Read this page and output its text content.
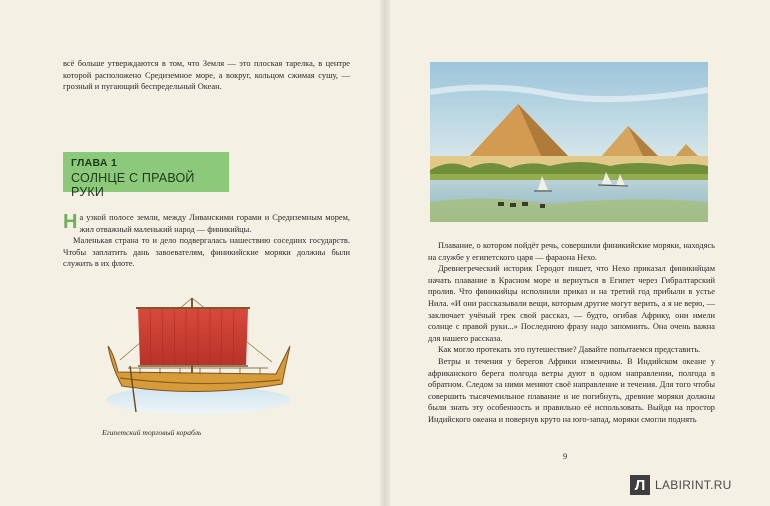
всё больше утверждаются в том, что Земля — это плоская тарелка, в центре которой расположено Средиземное море, а вокруг, кольцом сжимая сушу, — грозный и пугающий беспредельный Океан.

ГЛАВА 1
СОЛНЦЕ С ПРАВОЙ РУКИ

На узкой полосе земли, между Ливанскими горами и Средиземным морем, жил отважный маленький народ — финикийцы.

Маленькая страна то и дело подвергалась нашествию соседних государств. Чтобы заплатить дань завоевателям, финикийские моряки должны были служить в их флоте.

Египетский торговый корабль

Плавание, о котором пойдёт речь, совершили финикийские моряки, находясь на службе у египетского царя — фараона Нехо.

Древнегреческий историк Геродот пишет, что Нехо приказал финикийцам начать плавание в Красном море и вернуться в Египет через Гибралтарский пролив. Что финикийцы исполнили приказ и на третий год прибыли в устье Нила. «И они рассказывали вещи, которым другие могут верить, а я не верю, — заключает учёный грек свой рассказ, — будто, огибая Африку, они имели солнце с правой руки...» Последнюю фразу надо запомнить. Она очень важна для нашего рассказа.

Как могло протекать это путешествие? Давайте попытаемся представить.

Ветры и течения у берегов Африки изменчивы. В Индийском океане у африканского берега полгода ветры дуют в одном направлении, полгода в обратном. Следом за ними меняют своё направление и течения. Для того чтобы совершить тысячемильное плавание и не погибнуть, древние моряки должны были знать эту особенность и правильно её использовать. Выйдя на простор Индийского океана и повернув круто на юго-запад, моряки смогли поднять

9
Л LABIRINT.RU
